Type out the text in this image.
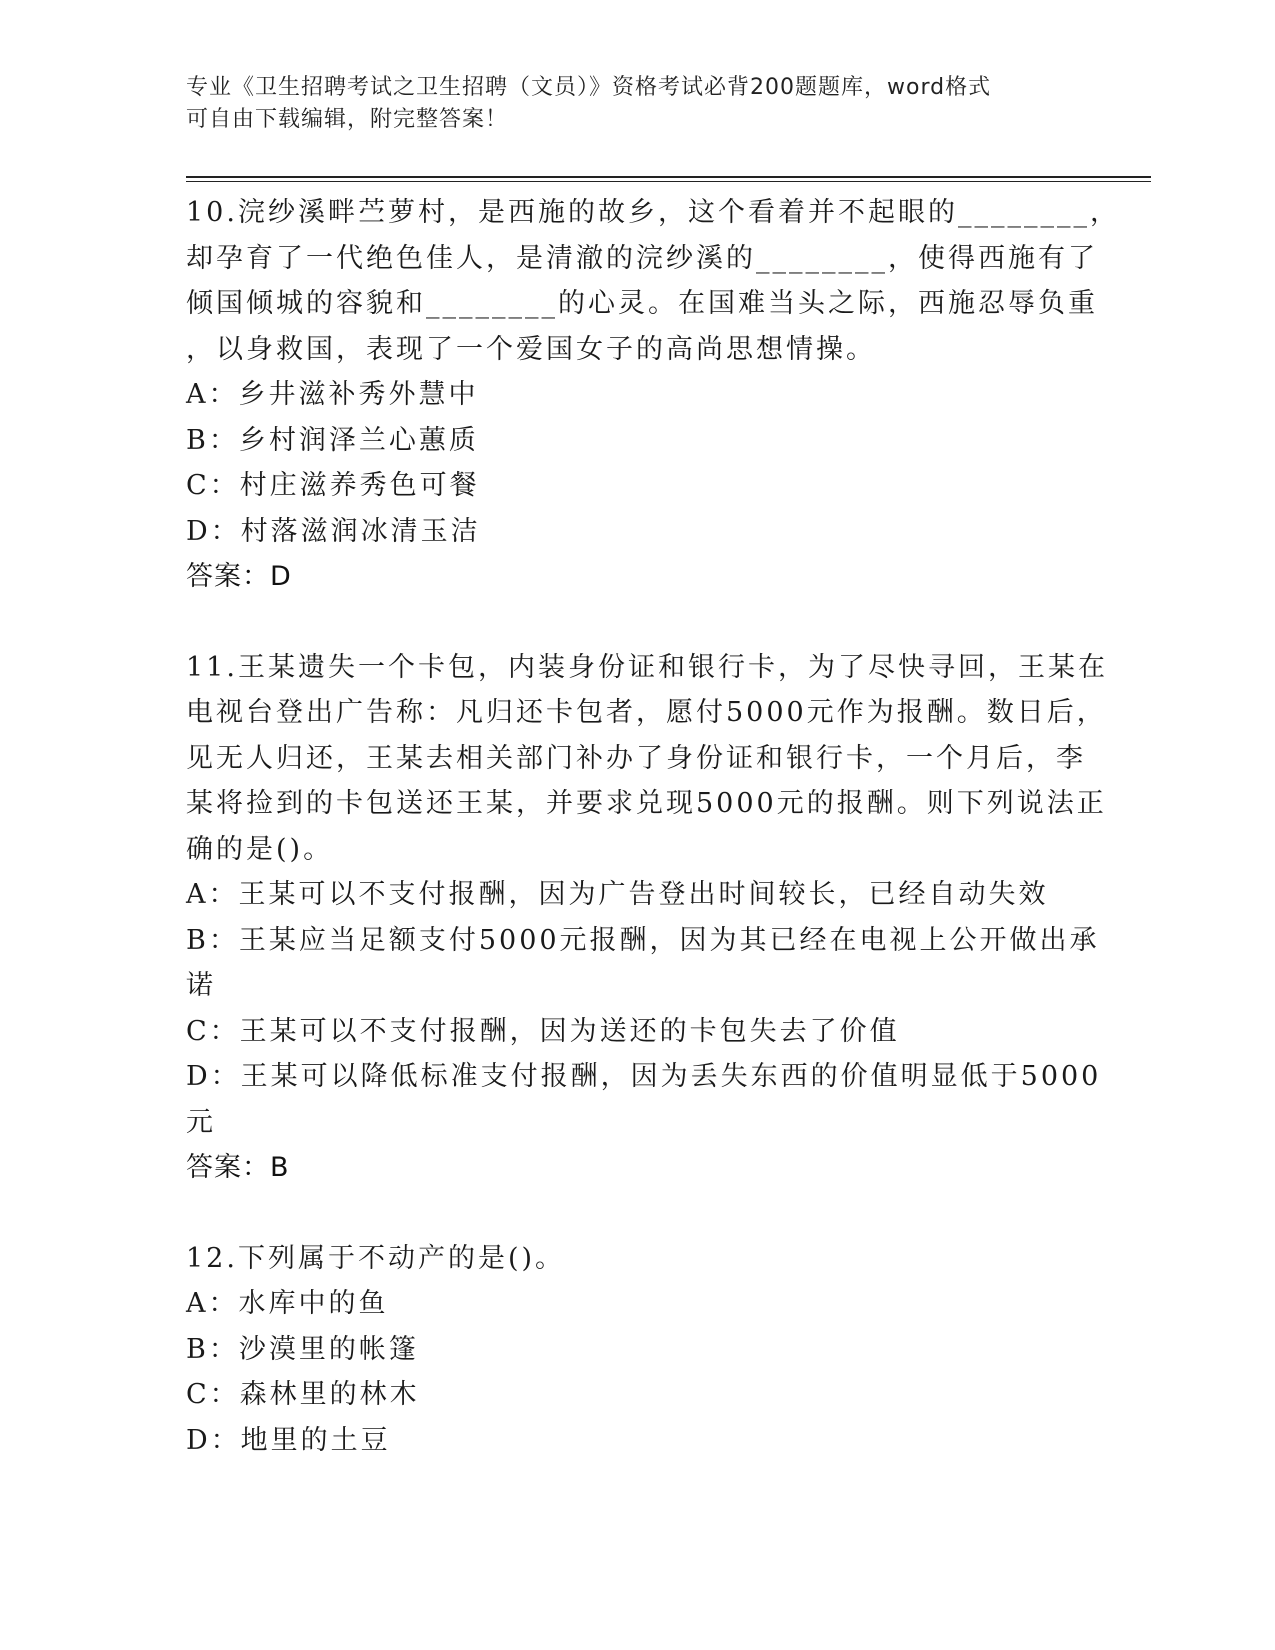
专业《卫生招聘考试之卫生招聘（文员）》资格考试必背200题题库，word格式
可自由下载编辑，附完整答案！
10.浣纱溪畔苎萝村，是西施的故乡，这个看着并不起眼的________，
却孕育了一代绝色佳人，是清澈的浣纱溪的________，使得西施有了
倾国倾城的容貌和________的心灵。在国难当头之际，西施忍辱负重
，以身救国，表现了一个爱国女子的高尚思想情操。
A：乡井滋补秀外慧中
B：乡村润泽兰心蕙质
C：村庄滋养秀色可餐
D：村落滋润冰清玉洁
答案：D
11.王某遗失一个卡包，内装身份证和银行卡，为了尽快寻回，王某在
电视台登出广告称：凡归还卡包者，愿付5000元作为报酬。数日后，
见无人归还，王某去相关部门补办了身份证和银行卡，一个月后，李
某将捡到的卡包送还王某，并要求兑现5000元的报酬。则下列说法正
确的是()。
A：王某可以不支付报酬，因为广告登出时间较长，已经自动失效
B：王某应当足额支付5000元报酬，因为其已经在电视上公开做出承
诺
C：王某可以不支付报酬，因为送还的卡包失去了价值
D：王某可以降低标准支付报酬，因为丢失东西的价值明显低于5000
元
答案：B
12.下列属于不动产的是()。
A：水库中的鱼
B：沙漠里的帐篷
C：森林里的林木
D：地里的土豆
